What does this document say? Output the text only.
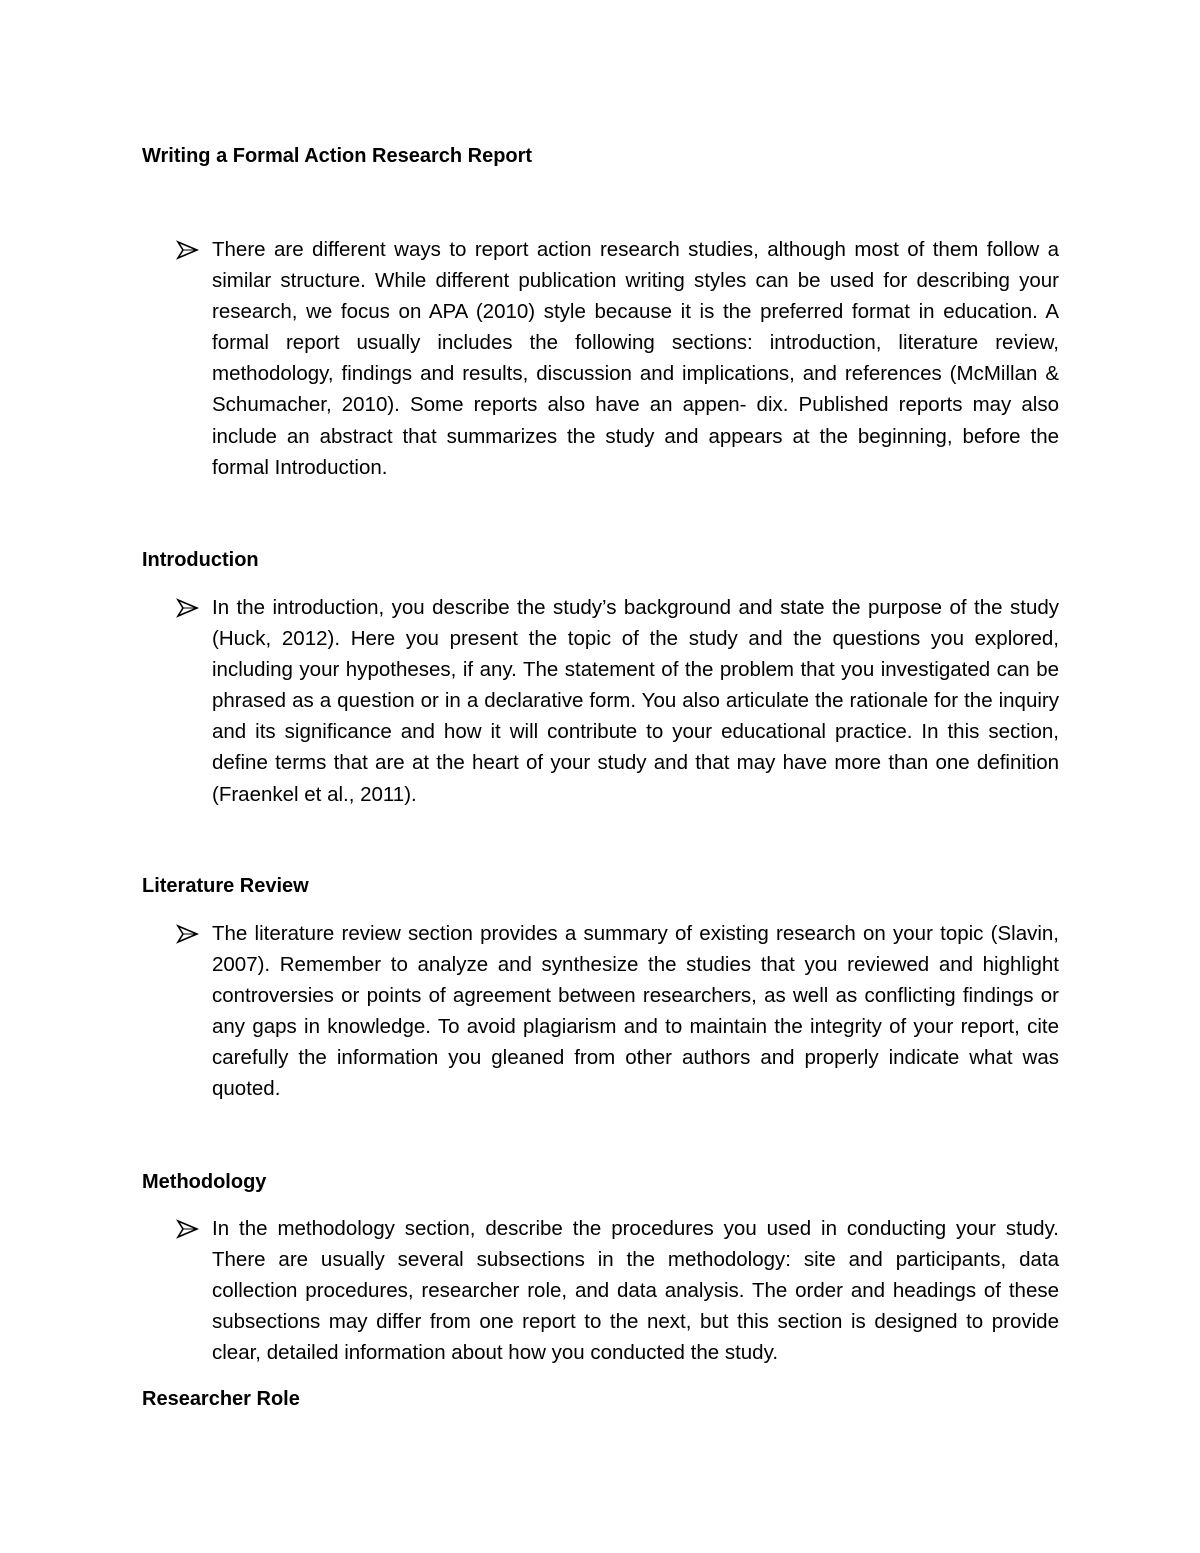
Writing a Formal Action Research Report

There are different ways to report action research studies, although most of them follow a similar structure. While different publication writing styles can be used for describing your research, we focus on APA (2010) style because it is the preferred format in education. A formal report usually includes the following sections: introduction, literature review, methodology, findings and results, discussion and implications, and references (McMillan & Schumacher, 2010). Some reports also have an appen- dix. Published reports may also include an abstract that summarizes the study and appears at the beginning, before the formal Introduction.

Introduction

In the introduction, you describe the study’s background and state the purpose of the study (Huck, 2012). Here you present the topic of the study and the questions you explored, including your hypotheses, if any. The statement of the problem that you investigated can be phrased as a question or in a declarative form. You also articulate the rationale for the inquiry and its significance and how it will contribute to your educational practice. In this section, define terms that are at the heart of your study and that may have more than one definition (Fraenkel et al., 2011).

Literature Review

The literature review section provides a summary of existing research on your topic (Slavin, 2007). Remember to analyze and synthesize the studies that you reviewed and highlight controversies or points of agreement between researchers, as well as conflicting findings or any gaps in knowledge. To avoid plagiarism and to maintain the integrity of your report, cite carefully the information you gleaned from other authors and properly indicate what was quoted.

Methodology

In the methodology section, describe the procedures you used in conducting your study. There are usually several subsections in the methodology: site and participants, data collection procedures, researcher role, and data analysis. The order and headings of these subsections may differ from one report to the next, but this section is designed to provide clear, detailed information about how you conducted the study.

Researcher Role
